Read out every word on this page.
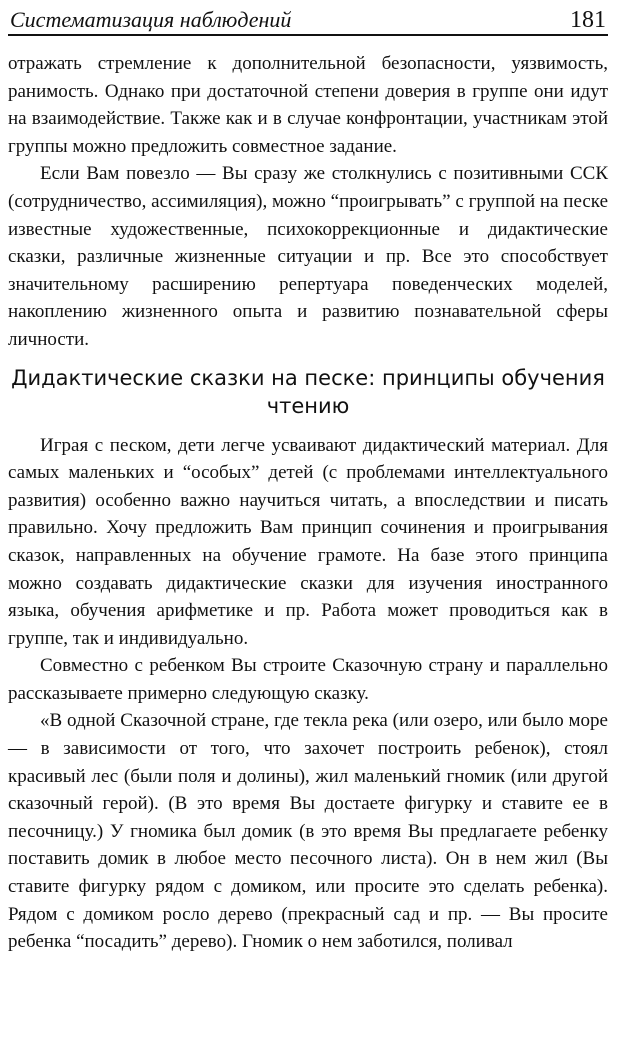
Систематизация наблюдений	181

отражать стремление к дополнительной безопасности, уязвимость, ранимость. Однако при достаточной степени доверия в группе они идут на взаимодействие. Также как и в случае конфронтации, участникам этой группы можно предложить совместное задание.

Если Вам повезло — Вы сразу же столкнулись с позитивными ССК (сотрудничество, ассимиляция), можно “проигрывать” с группой на песке известные художественные, психокоррекционные и дидактические сказки, различные жизненные ситуации и пр. Все это способствует значительному расширению репертуара поведенческих моделей, накоплению жизненного опыта и развитию познавательной сферы личности.

Дидактические сказки на песке: принципы обучения чтению

Играя с песком, дети легче усваивают дидактический материал. Для самых маленьких и “особых” детей (с проблемами интеллектуального развития) особенно важно научиться читать, а впоследствии и писать правильно. Хочу предложить Вам принцип сочинения и проигрывания сказок, направленных на обучение грамоте. На базе этого принципа можно создавать дидактические сказки для изучения иностранного языка, обучения арифметике и пр. Работа может проводиться как в группе, так и индивидуально.

Совместно с ребенком Вы строите Сказочную страну и параллельно рассказываете примерно следующую сказку.

«В одной Сказочной стране, где текла река (или озеро, или было море — в зависимости от того, что захочет построить ребенок), стоял красивый лес (были поля и долины), жил маленький гномик (или другой сказочный герой). (В это время Вы достаете фигурку и ставите ее в песочницу.) У гномика был домик (в это время Вы предлагаете ребенку поставить домик в любое место песочного листа). Он в нем жил (Вы ставите фигурку рядом с домиком, или просите это сделать ребенка). Рядом с домиком росло дерево (прекрасный сад и пр. — Вы просите ребенка “посадить” дерево). Гномик о нем заботился, поливал
